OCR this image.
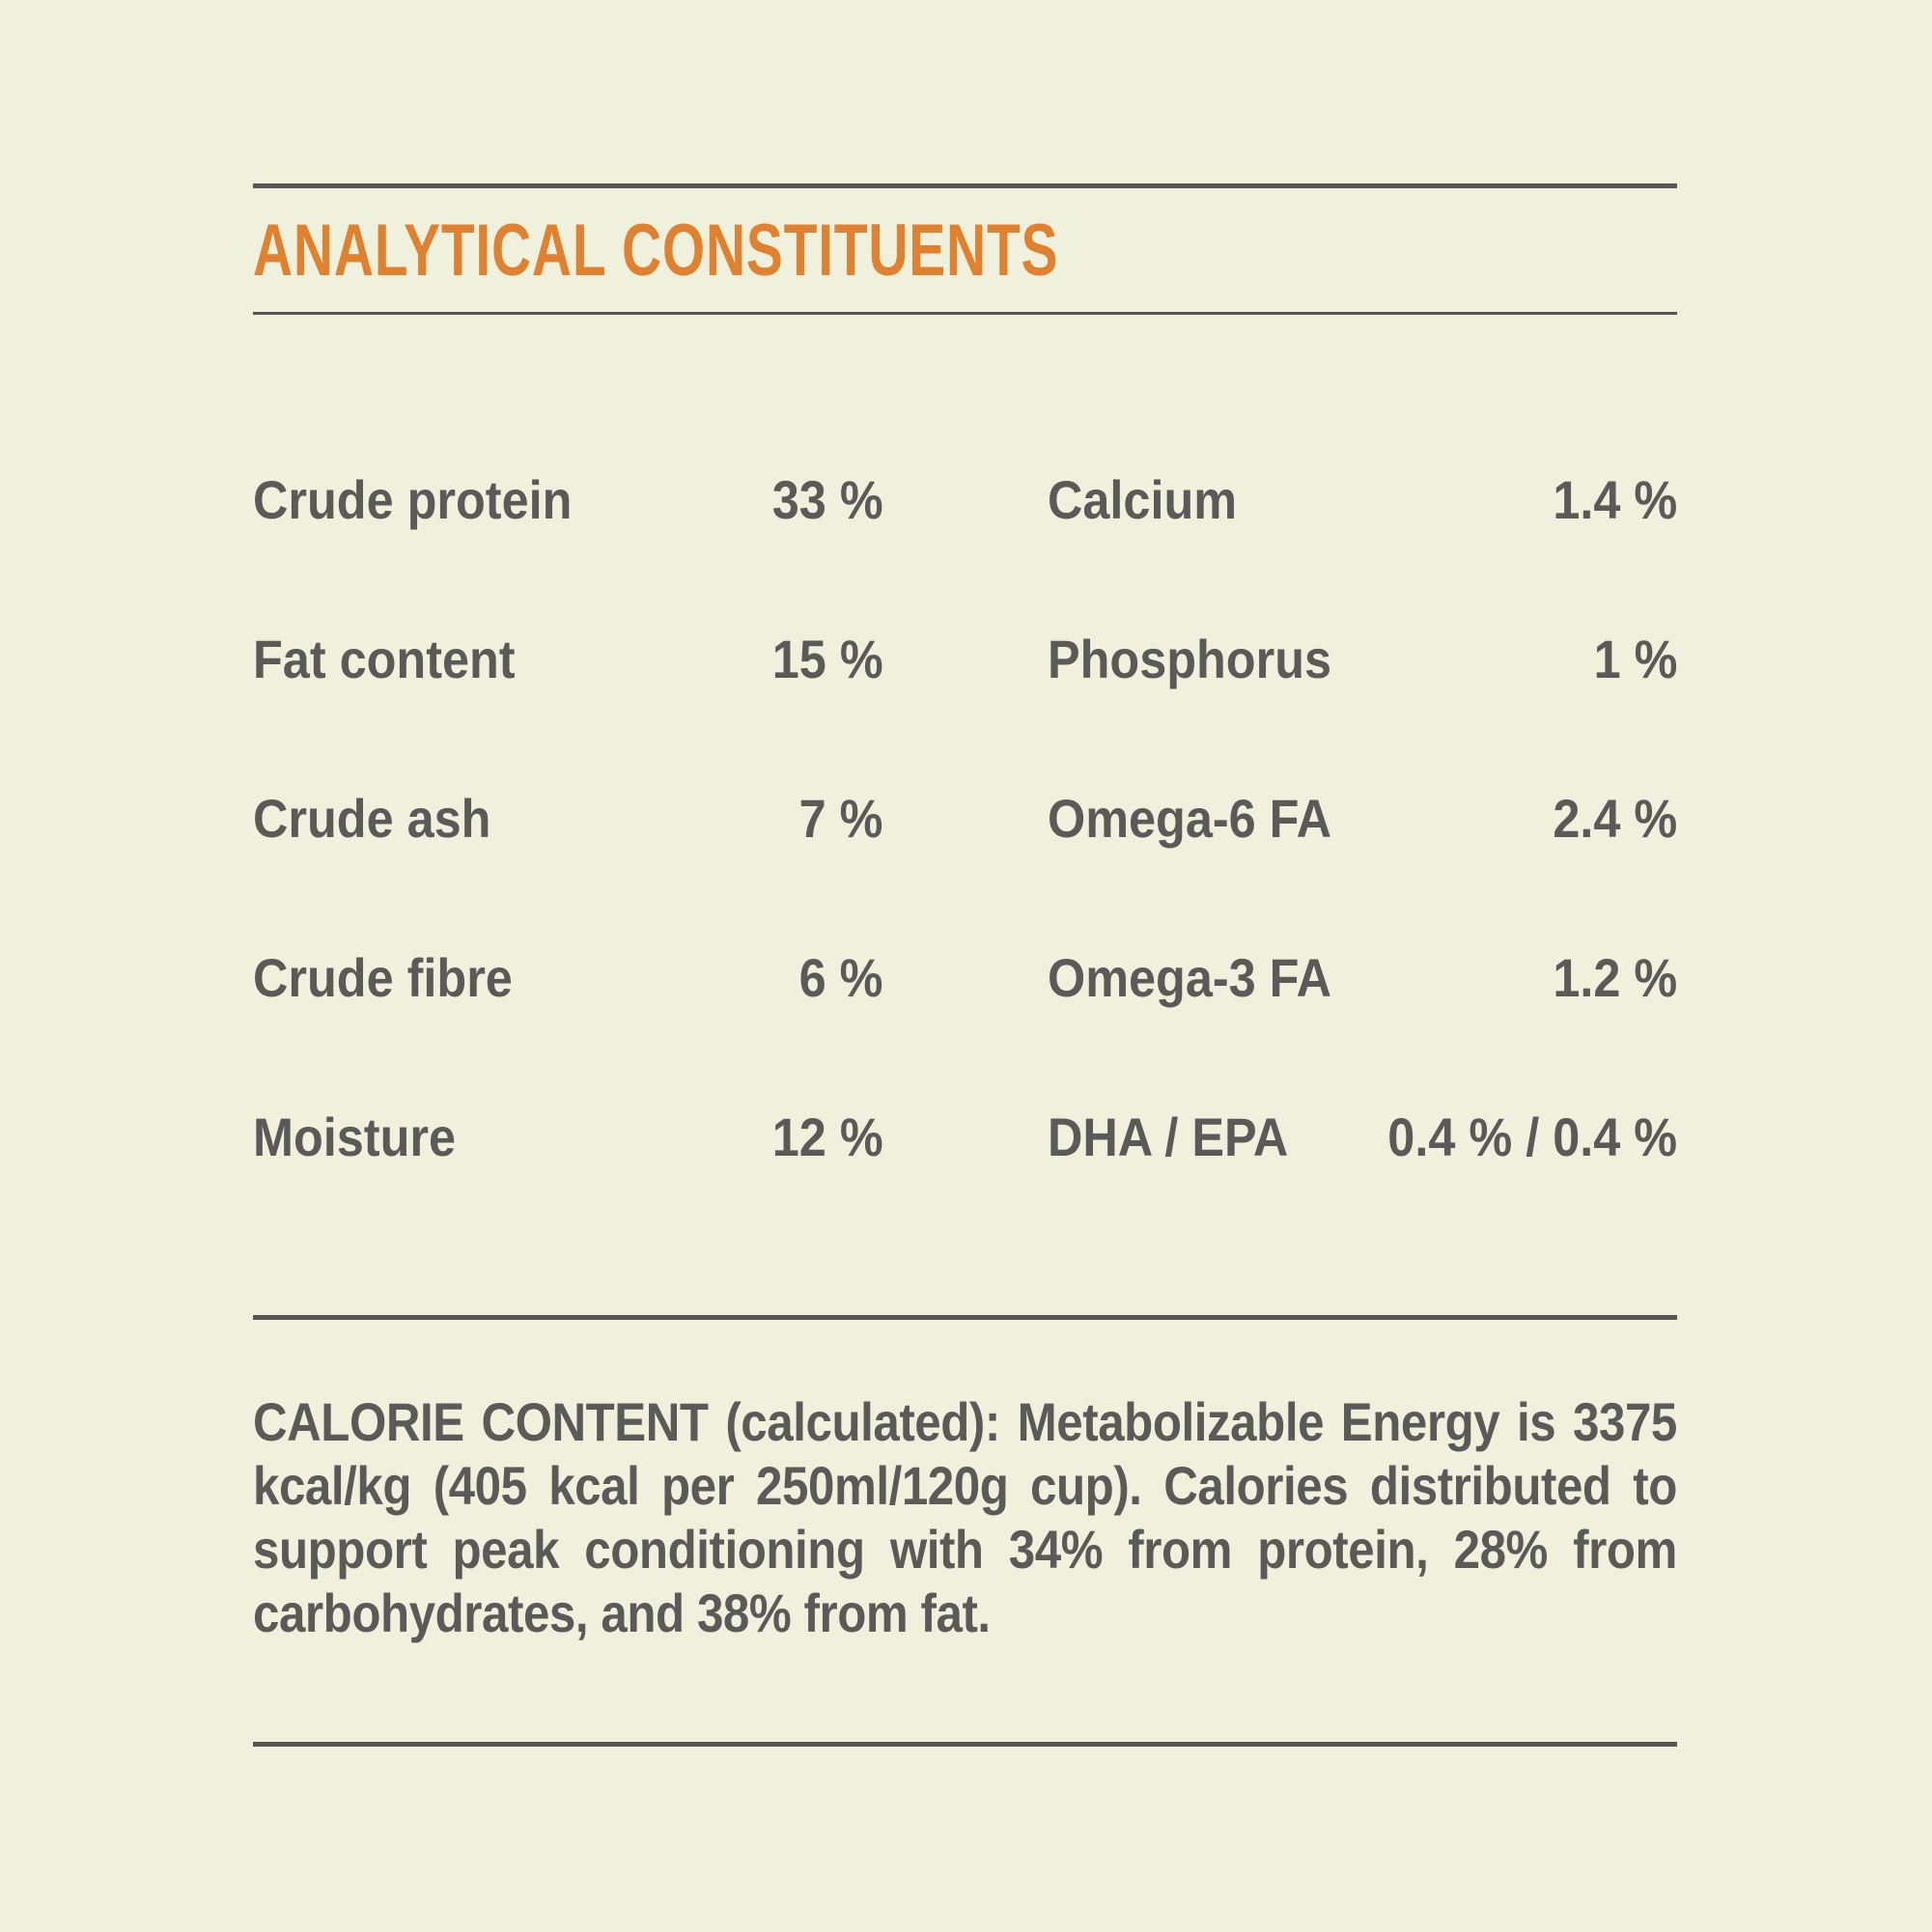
ANALYTICAL CONSTITUENTS
Crude protein	33 %	Calcium	1.4 %
Fat content	15 %	Phosphorus	1 %
Crude ash	7 %	Omega-6 FA	2.4 %
Crude fibre	6 %	Omega-3 FA	1.2 %
Moisture	12 %	DHA / EPA 0.4 % / 0.4 %

CALORIE CONTENT (calculated): Metabolizable Energy is 3375 kcal/kg (405 kcal per 250ml/120g cup). Calories distributed to support peak conditioning with 34% from protein, 28% from carbohydrates, and 38% from fat.
